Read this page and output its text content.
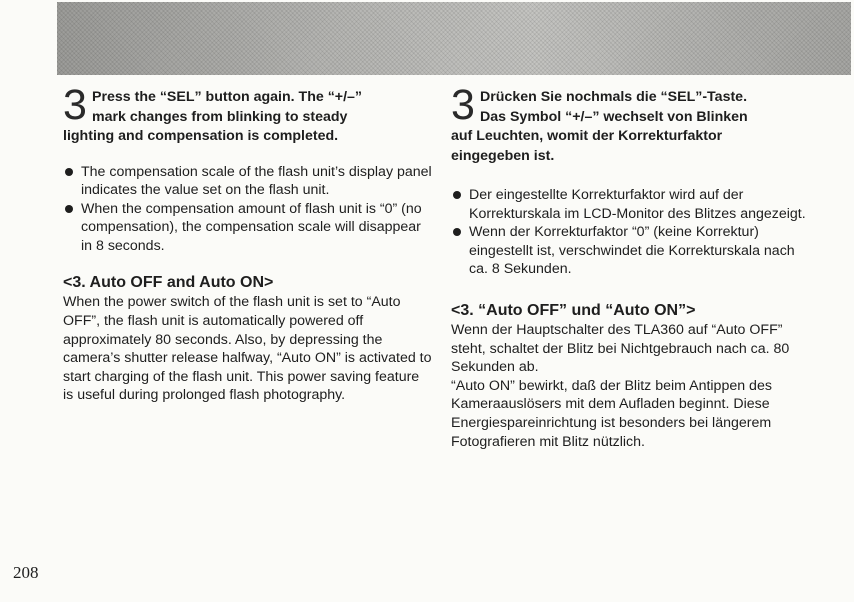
3 Press the “SEL” button again. The “+/–”
mark changes from blinking to steady
lighting and compensation is completed.
The compensation scale of the flash unit’s display panel indicates the value set on the flash unit.
When the compensation amount of flash unit is “0” (no compensation), the compensation scale will disappear in 8 seconds.
<3. Auto OFF and Auto ON>
When the power switch of the flash unit is set to “Auto OFF”, the flash unit is automatically powered off approximately 80 seconds. Also, by depressing the camera’s shutter release halfway, “Auto ON” is activated to start charging of the flash unit. This power saving feature is useful during prolonged flash photography.
3 Drücken Sie nochmals die “SEL”-Taste.
Das Symbol “+/–” wechselt von Blinken
auf Leuchten, womit der Korrekturfaktor
eingegeben ist.
Der eingestellte Korrekturfaktor wird auf der Korrekturskala im LCD-Monitor des Blitzes angezeigt.
Wenn der Korrekturfaktor “0” (keine Korrektur) eingestellt ist, verschwindet die Korrekturskala nach ca. 8 Sekunden.
<3. “Auto OFF” und “Auto ON”>
Wenn der Hauptschalter des TLA360 auf “Auto OFF” steht, schaltet der Blitz bei Nichtgebrauch nach ca. 80 Sekunden ab.
“Auto ON” bewirkt, daß der Blitz beim Antippen des Kameraauslösers mit dem Aufladen beginnt. Diese Energiespareinrichtung ist besonders bei längerem Fotografieren mit Blitz nützlich.
208
